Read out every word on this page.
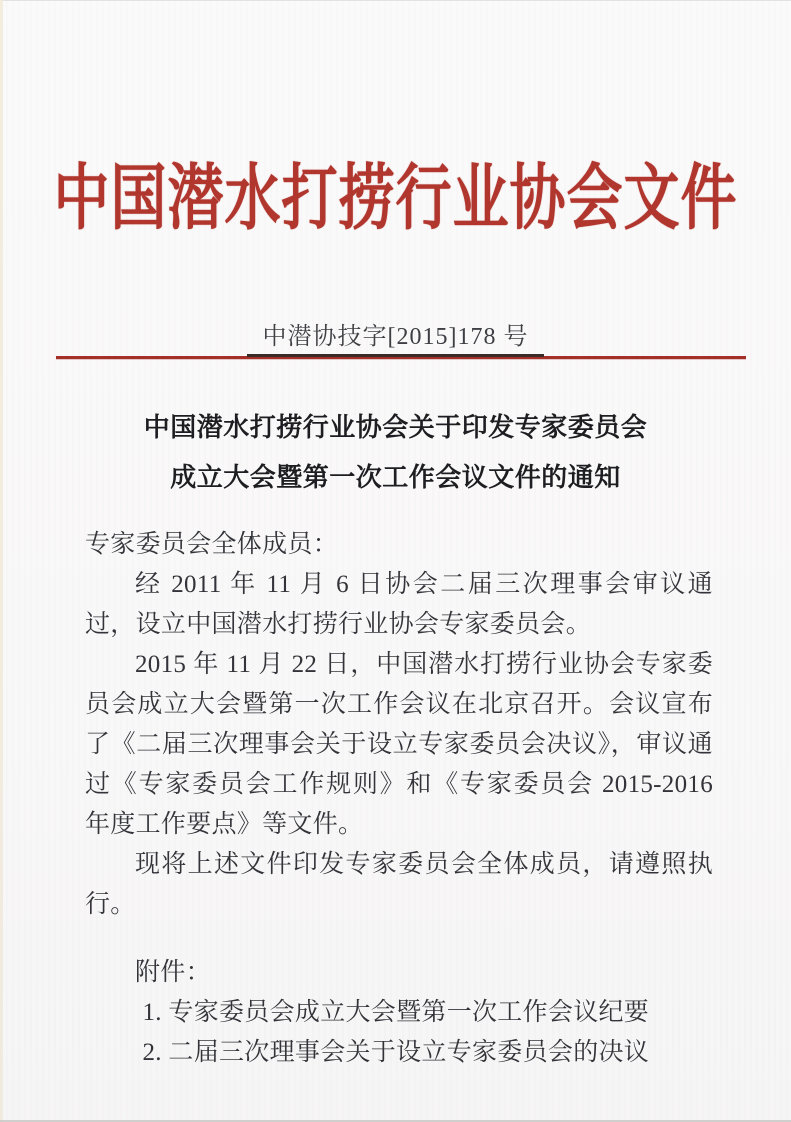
中国潜水打捞行业协会文件
中潜协技字[2015]178 号
中国潜水打捞行业协会关于印发专家委员会
成立大会暨第一次工作会议文件的通知

专家委员会全体成员：

经 2011 年 11 月 6 日协会二届三次理事会审议通过，设立中国潜水打捞行业协会专家委员会。

2015 年 11 月 22 日，中国潜水打捞行业协会专家委员会成立大会暨第一次工作会议在北京召开。会议宣布了《二届三次理事会关于设立专家委员会决议》，审议通过《专家委员会工作规则》和《专家委员会 2015-2016 年度工作要点》等文件。

现将上述文件印发专家委员会全体成员，请遵照执行。

附件：

1. 专家委员会成立大会暨第一次工作会议纪要

2. 二届三次理事会关于设立专家委员会的决议
